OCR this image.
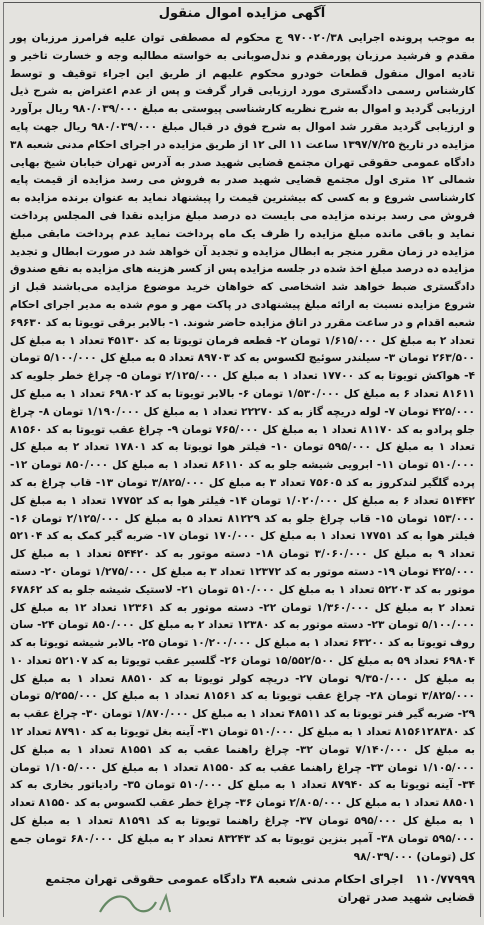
آگهی مزایده اموال منقول
به موجب پرونده اجرایی ۹۷۰۰۲۰/۳۸ ج محکوم له مصطفی توان علیه فرامرز مرزبان پور مقدم و فرشید مرزبان پورمقدم و ندل‌صوبانی به خواسته مطالبه وجه و خسارت تاخیر و تادیه اموال منقول قطعات خودرو محکوم علیهم از طریق این اجراء توقیف و توسط کارشناس رسمی دادگستری مورد ارزیابی قرار گرفت و پس از عدم اعتراض به شرح ذیل ارزیابی گردید و اموال به شرح نظریه کارشناسی پیوستی به مبلغ ۹۸۰/۰۳۹/۰۰۰ ریال برآورد و ارزیابی گردید مقرر شد اموال به شرح فوق در قبال مبلغ ۹۸۰/۰۳۹/۰۰۰ ریال جهت پایه مزایده در تاریخ ۱۳۹۷/۷/۲۵ ساعت ۱۱ الی ۱۲ از طریق مزایده در اجرای احکام مدنی شعبه ۳۸ دادگاه عمومی حقوقی تهران مجتمع قضایی شهید صدر به آدرس تهران خیابان شیخ بهایی شمالی ۱۲ متری اول مجتمع قضایی شهید صدر به فروش می رسد مزایده از قیمت پایه کارشناسی شروع و به کسی که بیشترین قیمت را پیشنهاد نماید به عنوان برنده مزایده به فروش می رسد برنده مزایده می بایست ده درصد مبلغ مزایده نقدا فی المجلس پرداخت نماید و باقی مانده مبلغ مزایده را ظرف یک ماه پرداخت نماید عدم پرداخت مابقی مبلغ مزایده در زمان مقرر منجر به ابطال مزایده و تجدید آن خواهد شد در صورت ابطال و تجدید مزایده ده درصد مبلغ اخذ شده در جلسه مزایده پس از کسر هزینه های مزایده به نفع صندوق دادگستری ضبط خواهد شد اشخاصی که خواهان خرید موضوع مزایده می‌باشند قبل از شروع مزایده نسبت به ارائه مبلغ پیشنهادی در پاکت مهر و موم شده به مدیر اجرای احکام شعبه اقدام و در ساعت مقرر در اتاق مزایده حاضر شوند. ۱- بالابر برقی تویوتا به کد ۶۹۶۳۰ تعداد ۲ به مبلغ کل ۱/۶۱۵/۰۰۰ تومان ۲- قطعه فرمان تویوتا به کد ۴۵۱۳۰ تعداد ۱ به مبلغ کل ۲۶۳/۵۰۰ تومان ۳- سیلندر سوئیچ لکسوس به کد ۸۹۷۰۳ تعداد ۵ به مبلغ کل ۵/۱۰۰/۰۰۰ تومان ۴- هواکش تویوتا به کد ۱۷۷۰۰ تعداد ۱ به مبلغ کل ۲/۱۲۵/۰۰۰ تومان ۵- چراغ خطر جلویه کد ۸۱۶۱۱ تعداد ۶ به مبلغ کل ۱/۵۳۰/۰۰۰ تومان ۶- بالابر تویوتا به کد ۶۹۸۰۲ تعداد ۱ به مبلغ کل ۴۲۵/۰۰۰ تومان ۷- لوله دریچه گاز به کد ۲۲۲۷۰ تعداد ۱ به مبلغ کل ۱/۱۹۰/۰۰۰ تومان ۸- چراغ جلو پرادو به کد ۸۱۱۷۰ تعداد ۱ به مبلغ کل ۷۶۵/۰۰۰ تومان ۹- چراغ عقب تویوتا به کد ۸۱۵۶۰ تعداد ۱ به مبلغ کل ۵۹۵/۰۰۰ تومان ۱۰- فیلتر هوا تویوتا به کد ۱۷۸۰۱ تعداد ۲ به مبلغ کل ۵۱۰/۰۰۰ تومان ۱۱- ابرویی شیشه جلو به کد ۸۶۱۱۰ تعداد ۱ به مبلغ کل ۸۵۰/۰۰۰ تومان ۱۲- پرده گلگیر لندکروز به کد ۷۵۶۰۵ تعداد ۳ به مبلغ کل ۳/۸۲۵/۰۰۰ تومان ۱۳- قاب چراغ به کد ۵۱۴۴۲ تعداد ۶ به مبلغ کل ۱/۰۲۰/۰۰۰ تومان ۱۴- فیلتر هوا به کد ۱۷۷۵۲ تعداد ۱ به مبلغ کل ۱۵۳/۰۰۰ تومان ۱۵- قاب چراغ جلو به کد ۸۱۲۲۹ تعداد ۵ به مبلغ کل ۲/۱۲۵/۰۰۰ تومان ۱۶- فیلتر هوا به کد ۱۷۷۵۱ تعداد ۱ به مبلغ کل ۱۷۰/۰۰۰ تومان ۱۷- ضربه گیر کمک به کد ۵۲۱۰۴ تعداد ۹ به مبلغ کل ۳/۰۶۰/۰۰۰ تومان ۱۸- دسته موتور به کد ۵۴۴۲۰ تعداد ۱ به مبلغ کل ۴۲۵/۰۰۰ تومان ۱۹- دسته موتور به کد ۱۲۳۷۲ تعداد ۳ به مبلغ کل ۱/۲۷۵/۰۰۰ تومان ۲۰- دسته موتور به کد ۵۲۲۰۳ تعداد ۱ به مبلغ کل ۵۱۰/۰۰۰ تومان ۲۱- لاستیک شیشه جلو به کد ۶۷۸۶۲ تعداد ۲ به مبلغ کل ۱/۳۶۰/۰۰۰ تومان ۲۲- دسته موتور به کد ۱۲۳۶۱ تعداد ۱۲ به مبلغ کل ۵/۱۰۰/۰۰۰ تومان ۲۳- دسته موتور به کد ۱۲۳۸۰ تعداد ۲ به مبلغ کل ۸۵۰/۰۰۰ تومان ۲۴- سان روف تویوتا به کد ۶۳۲۰۰ تعداد ۱ به مبلغ کل ۱۰/۲۰۰/۰۰۰ تومان ۲۵- بالابر شیشه تویوتا به کد ۶۹۸۰۴ تعداد ۵۹ به مبلغ کل ۱۵/۵۵۲/۵۰۰ تومان ۲۶- گلسیر عقب تویوتا به کد ۵۲۱۰۷ تعداد ۱۰ به مبلغ کل ۹/۳۵۰/۰۰۰ تومان ۲۷- دریچه کولر تویوتا به کد ۸۸۵۱۰ تعداد ۱ به مبلغ کل ۳/۸۲۵/۰۰۰ تومان ۲۸- چراغ عقب تویوتا به کد ۸۱۵۶۱ تعداد ۱ به مبلغ کل ۵/۲۵۵/۰۰۰ تومان ۲۹- ضربه گیر فنر تویوتا به کد ۴۸۵۱۱ تعداد ۱ به مبلغ کل ۱/۸۷۰/۰۰۰ تومان ۳۰- چراغ عقب به کد ۸۱۵۶۱۲۸۳۸۰ تعداد ۱ به مبلغ کل ۵۱۰/۰۰۰ تومان ۳۱- آینه بغل تویوتا به کد ۸۷۹۱۰ تعداد ۱۲ به مبلغ کل ۷/۱۴۰/۰۰۰ تومان ۳۲- چراغ راهنما عقب به کد ۸۱۵۵۱ تعداد ۱ به مبلغ کل ۱/۱۰۵/۰۰۰ تومان ۳۳- چراغ راهنما عقب به کد ۸۱۵۵۰ تعداد ۱ به مبلغ کل ۱/۱۰۵/۰۰۰ تومان ۳۴- آینه تویوتا به کد ۸۷۹۴۰ تعداد ۱ به مبلغ کل ۵۱۰/۰۰۰ تومان ۳۵- رادیاتور بخاری به کد ۸۸۵۰۱ تعداد ۱ به مبلغ کل ۲/۸۰۵/۰۰۰ تومان ۳۶- چراغ خطر عقب لکسوس به کد ۸۱۵۵۰ تعداد ۱ به مبلغ کل ۵۹۵/۰۰۰ تومان ۳۷- چراغ راهنما تویوتا به کد ۸۱۵۹۱ تعداد ۱ به مبلغ کل ۵۹۵/۰۰۰ تومان ۳۸- آمپر بنزین تویوتا به کد ۸۳۲۴۳ تعداد ۲ به مبلغ کل ۶۸۰/۰۰۰ تومان جمع کل (تومان) ۹۸/۰۳۹/۰۰۰
۱۱۰/۷۷۹۹۹ اجرای احکام مدنی شعبه ۳۸ دادگاه عمومی حقوقی تهران مجتمع قضایی شهید صدر تهران
